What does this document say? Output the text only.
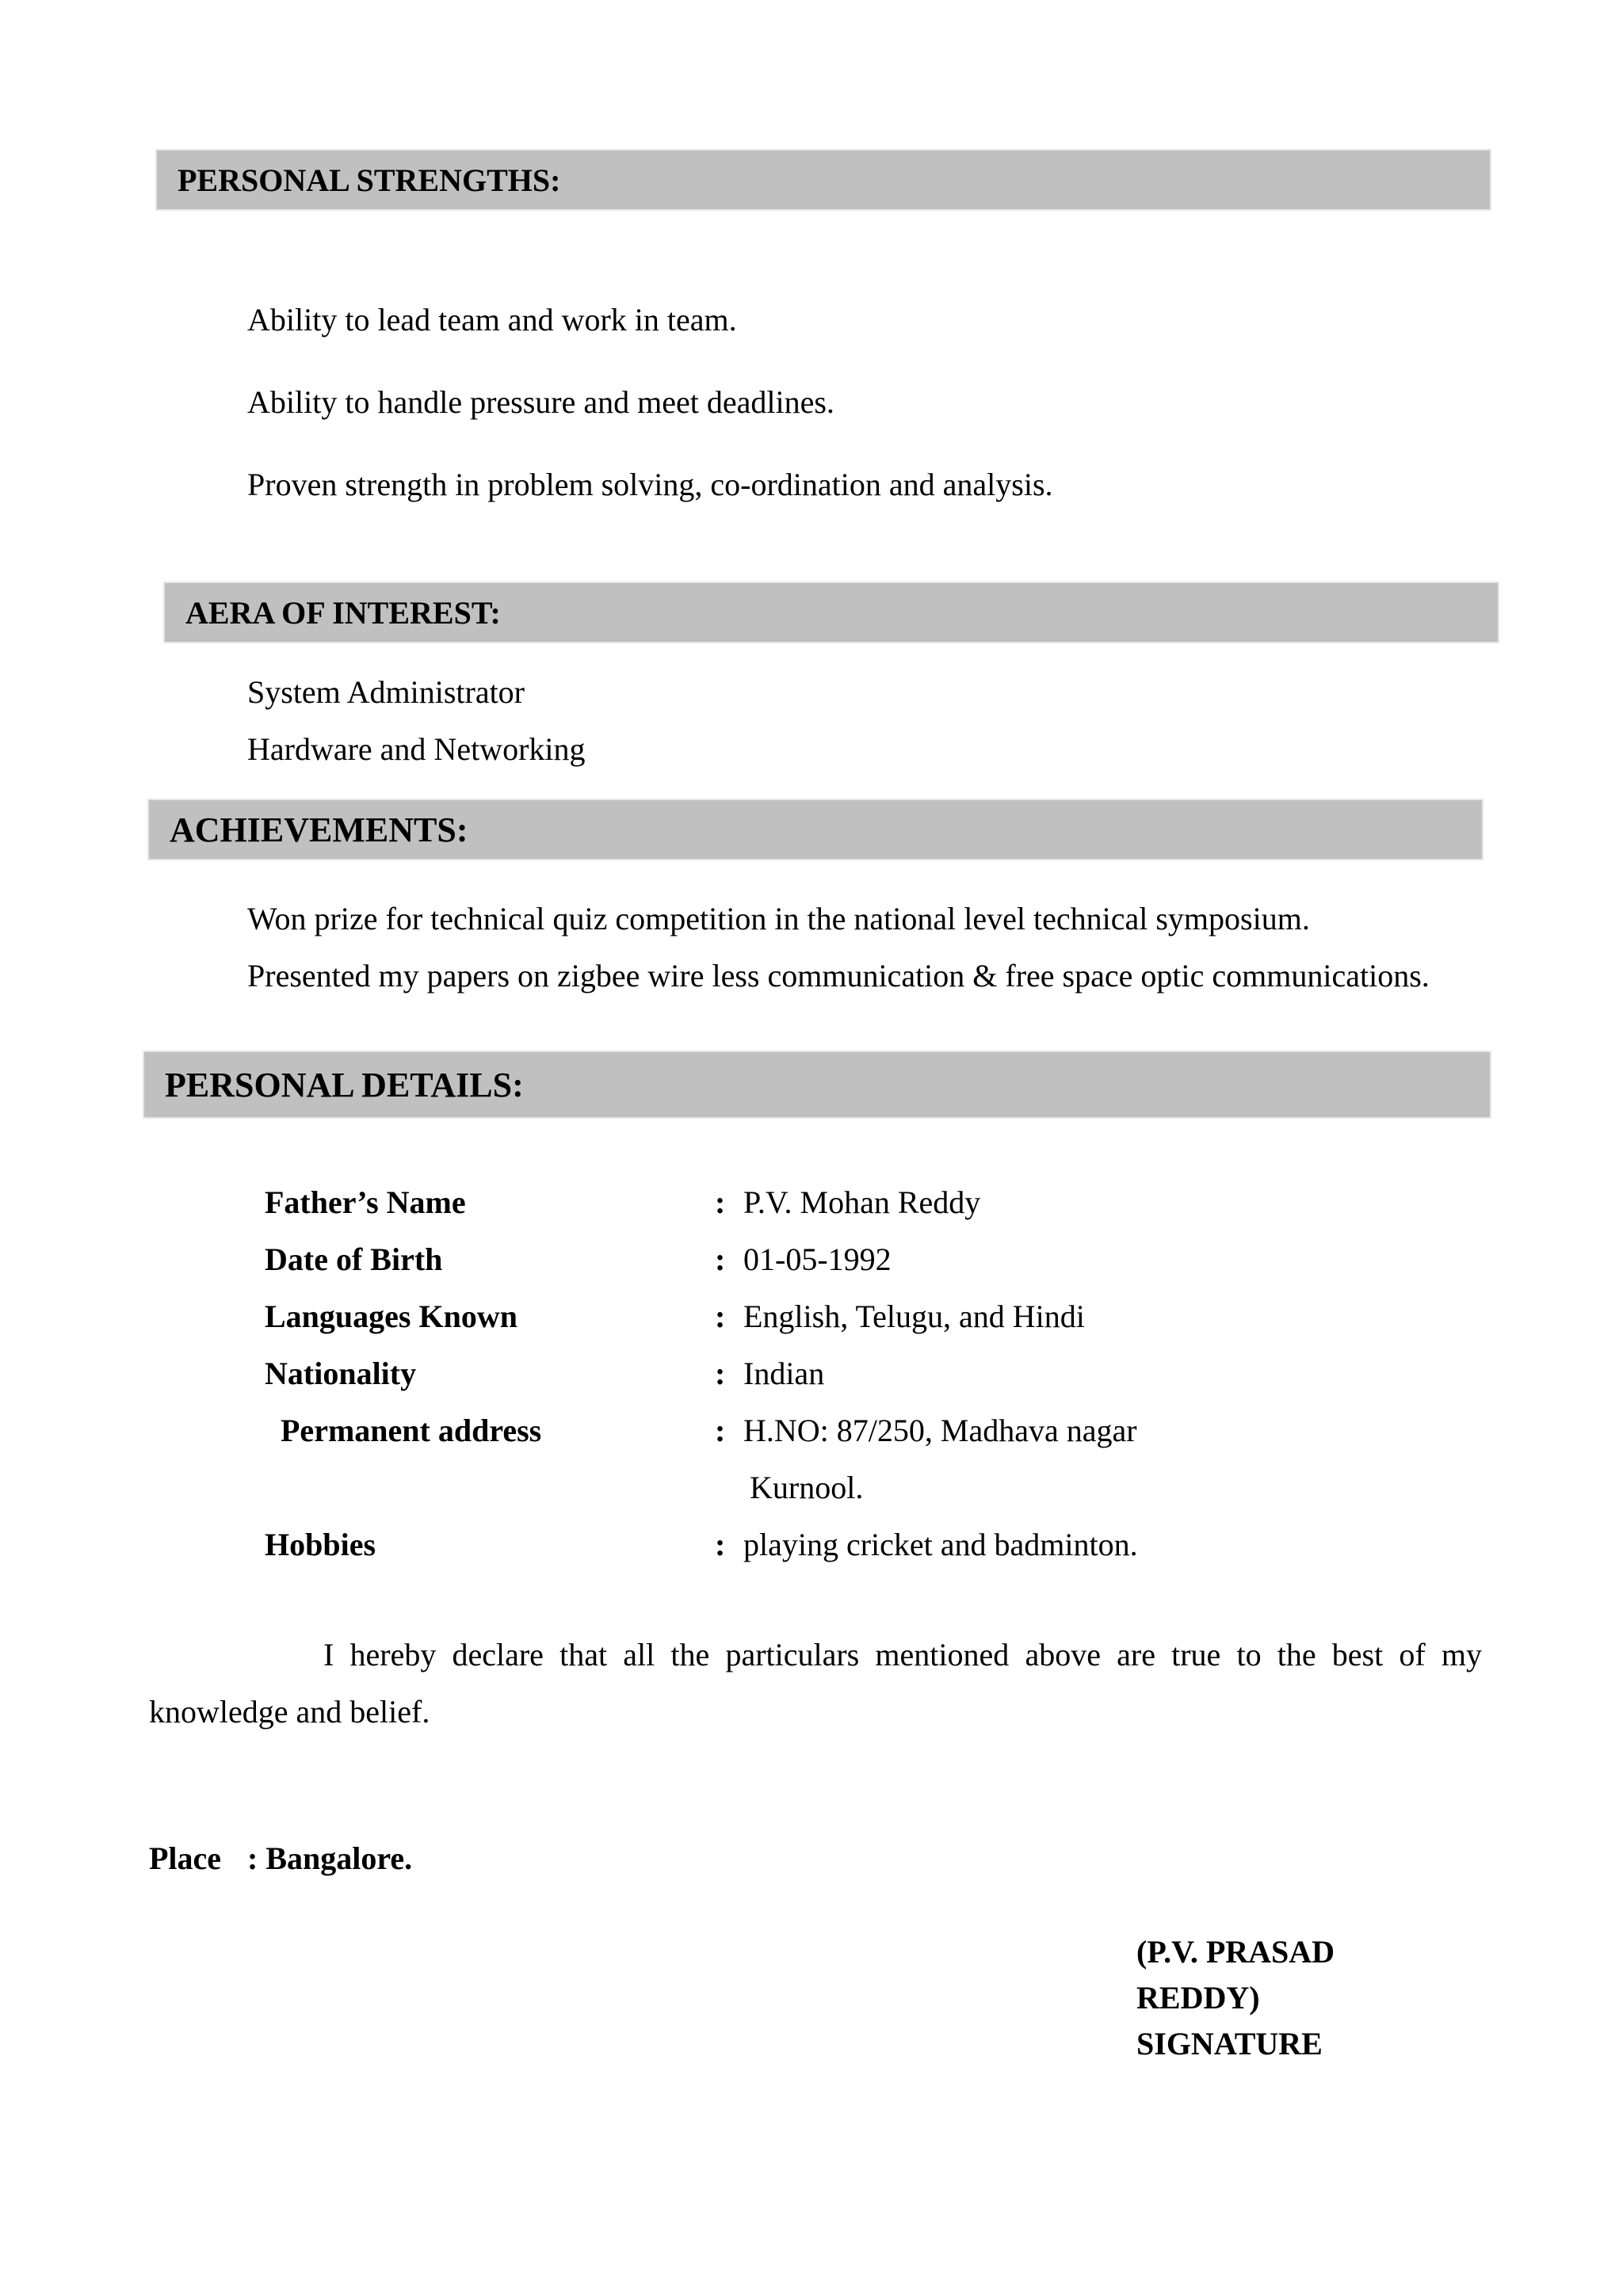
PERSONAL STRENGTHS:
Ability to lead team and work in team.
Ability to handle pressure and meet deadlines.
Proven strength in problem solving, co-ordination and analysis.
AERA OF INTEREST:
System Administrator
Hardware and Networking
ACHIEVEMENTS:
Won prize for technical quiz competition in the national level technical symposium.
Presented my papers on zigbee wire less communication & free space optic communications.
PERSONAL DETAILS:
Father’s Name	: P.V. Mohan Reddy
Date of Birth	: 01-05-1992
Languages Known	: English, Telugu, and Hindi
Nationality	: Indian
Permanent address	: H.NO: 87/250, Madhava nagar
Kurnool.
Hobbies	: playing cricket and badminton.
I hereby declare that all the particulars mentioned above are true to the best of my knowledge and belief.
Place : Bangalore.
(P.V. PRASAD
REDDY)
SIGNATURE
